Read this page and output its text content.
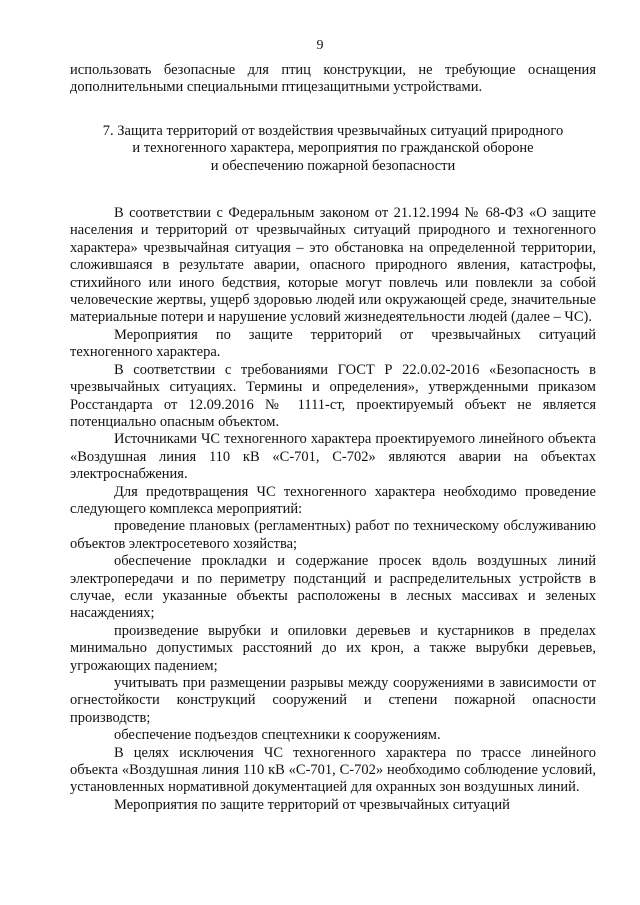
9

использовать безопасные для птиц конструкции, не требующие оснащения дополнительными специальными птицезащитными устройствами.

7. Защита территорий от воздействия чрезвычайных ситуаций природного
и техногенного характера, мероприятия по гражданской обороне
и обеспечению пожарной безопасности

В соответствии с Федеральным законом от 21.12.1994 № 68-ФЗ «О защите населения и территорий от чрезвычайных ситуаций природного и техногенного характера» чрезвычайная ситуация – это обстановка на определенной территории, сложившаяся в результате аварии, опасного природного явления, катастрофы, стихийного или иного бедствия, которые могут повлечь или повлекли за собой человеческие жертвы, ущерб здоровью людей или окружающей среде, значительные материальные потери и нарушение условий жизнедеятельности людей (далее – ЧС).

Мероприятия по защите территорий от чрезвычайных ситуаций техногенного характера.

В соответствии с требованиями ГОСТ Р 22.0.02-2016 «Безопасность в чрезвычайных ситуациях. Термины и определения», утвержденными приказом Росстандарта от 12.09.2016 № 1111-ст, проектируемый объект не является потенциально опасным объектом.

Источниками ЧС техногенного характера проектируемого линейного объекта «Воздушная линия 110 кВ «С-701, С-702» являются аварии на объектах электроснабжения.

Для предотвращения ЧС техногенного характера необходимо проведение следующего комплекса мероприятий:

проведение плановых (регламентных) работ по техническому обслуживанию объектов электросетевого хозяйства;

обеспечение прокладки и содержание просек вдоль воздушных линий электропередачи и по периметру подстанций и распределительных устройств в случае, если указанные объекты расположены в лесных массивах и зеленых насаждениях;

произведение вырубки и опиловки деревьев и кустарников в пределах минимально допустимых расстояний до их крон, а также вырубки деревьев, угрожающих падением;

учитывать при размещении разрывы между сооружениями в зависимости от огнестойкости конструкций сооружений и степени пожарной опасности производств;

обеспечение подъездов спецтехники к сооружениям.

В целях исключения ЧС техногенного характера по трассе линейного объекта «Воздушная линия 110 кВ «С-701, С-702» необходимо соблюдение условий, установленных нормативной документацией для охранных зон воздушных линий.

Мероприятия по защите территорий от чрезвычайных ситуаций
